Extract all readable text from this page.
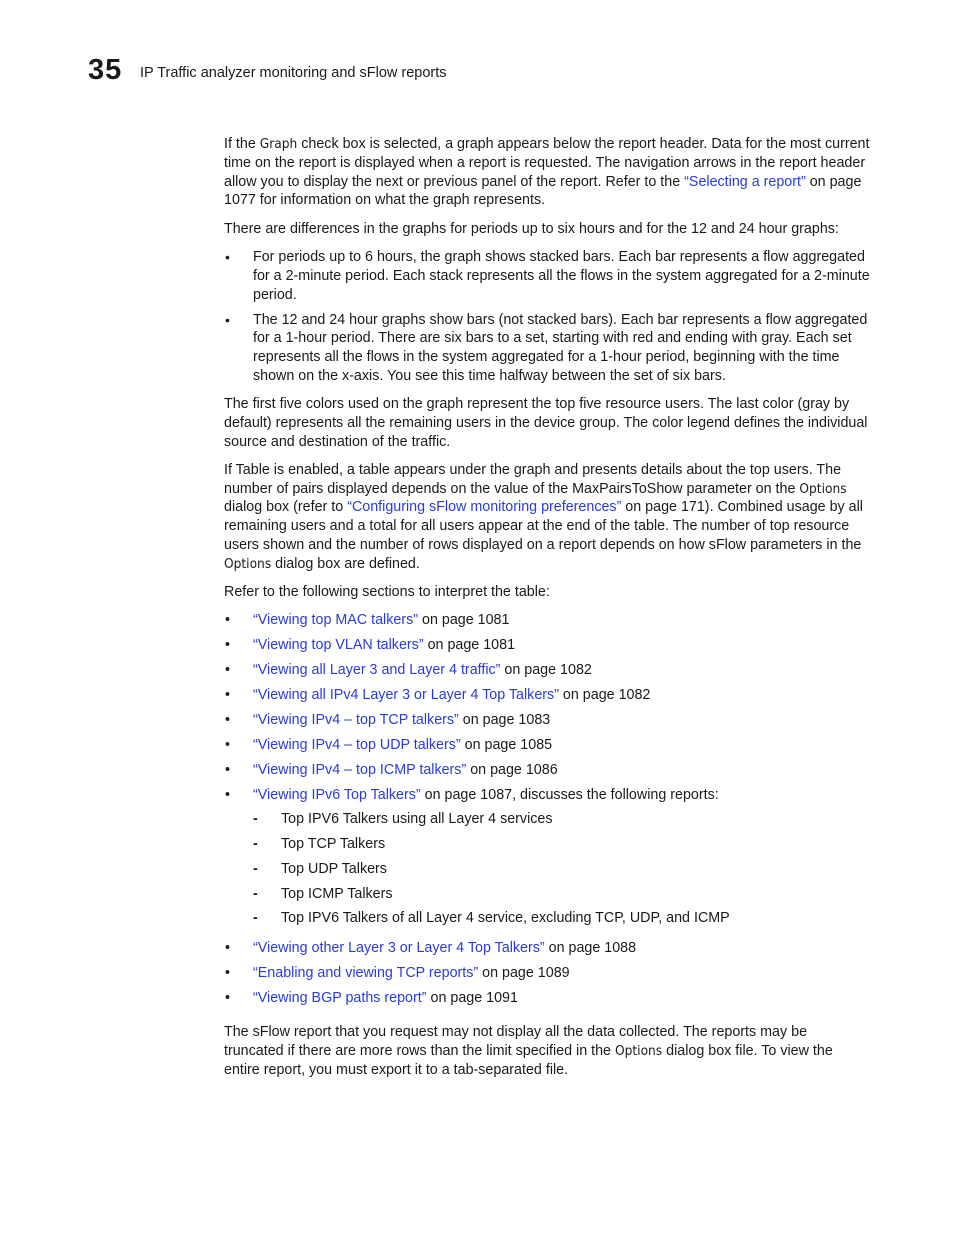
35 IP Traffic analyzer monitoring and sFlow reports

If the Graph check box is selected, a graph appears below the report header. Data for the most current time on the report is displayed when a report is requested. The navigation arrows in the report header allow you to display the next or previous panel of the report. Refer to the “Selecting a report” on page 1077 for information on what the graph represents.

There are differences in the graphs for periods up to six hours and for the 12 and 24 hour graphs:

• For periods up to 6 hours, the graph shows stacked bars. Each bar represents a flow aggregated for a 2-minute period. Each stack represents all the flows in the system aggregated for a 2-minute period.
• The 12 and 24 hour graphs show bars (not stacked bars). Each bar represents a flow aggregated for a 1-hour period. There are six bars to a set, starting with red and ending with gray. Each set represents all the flows in the system aggregated for a 1-hour period, beginning with the time shown on the x-axis. You see this time halfway between the set of six bars.

The first five colors used on the graph represent the top five resource users. The last color (gray by default) represents all the remaining users in the device group. The color legend defines the individual source and destination of the traffic.

If Table is enabled, a table appears under the graph and presents details about the top users. The number of pairs displayed depends on the value of the MaxPairsToShow parameter on the Options dialog box (refer to “Configuring sFlow monitoring preferences” on page 171). Combined usage by all remaining users and a total for all users appear at the end of the table. The number of top resource users shown and the number of rows displayed on a report depends on how sFlow parameters in the Options dialog box are defined.

Refer to the following sections to interpret the table:

• “Viewing top MAC talkers” on page 1081
• “Viewing top VLAN talkers” on page 1081
• “Viewing all Layer 3 and Layer 4 traffic” on page 1082
• “Viewing all IPv4 Layer 3 or Layer 4 Top Talkers” on page 1082
• “Viewing IPv4 – top TCP talkers” on page 1083
• “Viewing IPv4 – top UDP talkers” on page 1085
• “Viewing IPv4 – top ICMP talkers” on page 1086
• “Viewing IPv6 Top Talkers” on page 1087, discusses the following reports:
- Top IPV6 Talkers using all Layer 4 services
- Top TCP Talkers
- Top UDP Talkers
- Top ICMP Talkers
- Top IPV6 Talkers of all Layer 4 service, excluding TCP, UDP, and ICMP
• “Viewing other Layer 3 or Layer 4 Top Talkers” on page 1088
• “Enabling and viewing TCP reports” on page 1089
• “Viewing BGP paths report” on page 1091

The sFlow report that you request may not display all the data collected. The reports may be truncated if there are more rows than the limit specified in the Options dialog box file. To view the entire report, you must export it to a tab-separated file.
